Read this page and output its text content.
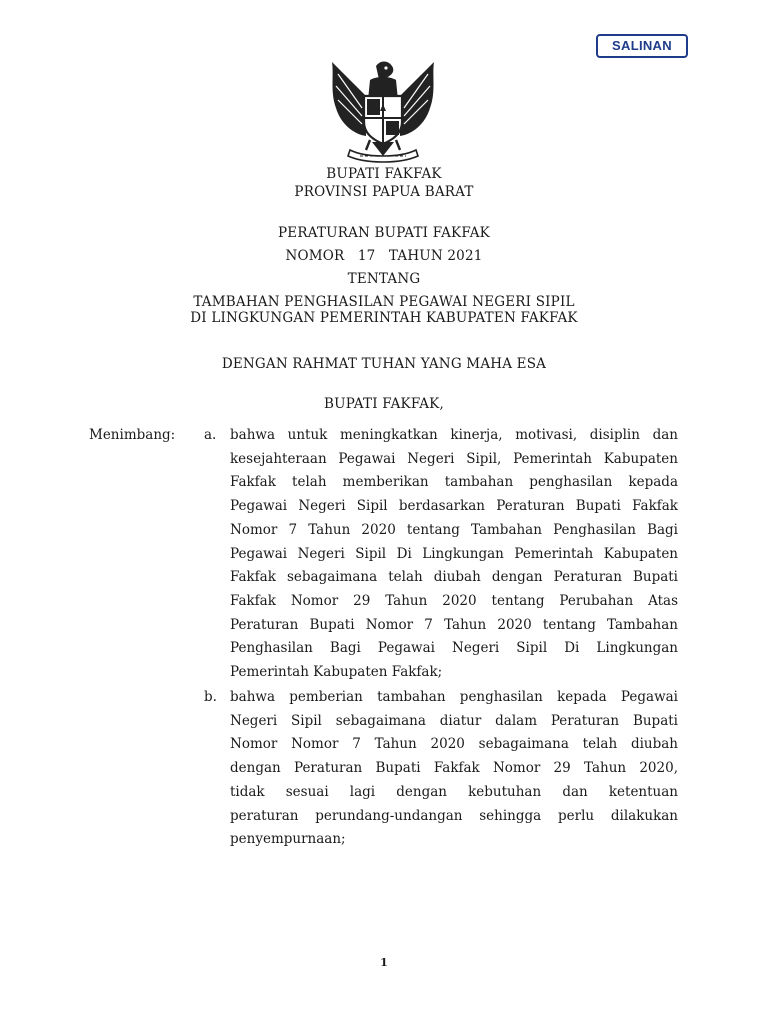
SALINAN
BUPATI FAKFAK
PROVINSI PAPUA BARAT
PERATURAN BUPATI FAKFAK
NOMOR   17   TAHUN 2021
TENTANG
TAMBAHAN PENGHASILAN PEGAWAI NEGERI SIPIL
DI LINGKUNGAN PEMERINTAH KABUPATEN FAKFAK
DENGAN RAHMAT TUHAN YANG MAHA ESA
BUPATI FAKFAK,
Menimbang: a. bahwa untuk meningkatkan kinerja, motivasi, disiplin dan
kesejahteraan Pegawai Negeri Sipil, Pemerintah Kabupaten
Fakfak telah memberikan tambahan penghasilan kepada
Pegawai Negeri Sipil berdasarkan Peraturan Bupati Fakfak
Nomor 7 Tahun 2020 tentang Tambahan Penghasilan Bagi
Pegawai Negeri Sipil Di Lingkungan Pemerintah Kabupaten
Fakfak sebagaimana telah diubah dengan Peraturan Bupati
Fakfak Nomor 29 Tahun 2020 tentang Perubahan Atas
Peraturan Bupati Nomor 7 Tahun 2020 tentang Tambahan
Penghasilan Bagi Pegawai Negeri Sipil Di Lingkungan
Pemerintah Kabupaten Fakfak;
b. bahwa pemberian tambahan penghasilan kepada Pegawai
Negeri Sipil sebagaimana diatur dalam Peraturan Bupati
Nomor Nomor 7 Tahun 2020 sebagaimana telah diubah
dengan Peraturan Bupati Fakfak Nomor 29 Tahun 2020,
tidak sesuai lagi dengan kebutuhan dan ketentuan
peraturan perundang-undangan sehingga perlu dilakukan
penyempurnaan;
1
